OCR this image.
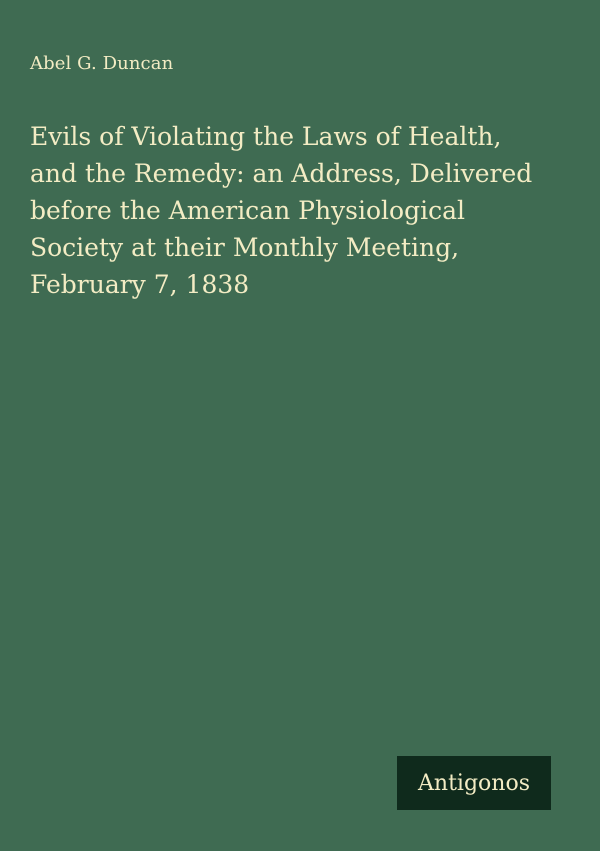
Abel G. Duncan
Evils of Violating the Laws of Health,
and the Remedy: an Address, Delivered
before the American Physiological
Society at their Monthly Meeting,
February 7, 1838
Antigonos
